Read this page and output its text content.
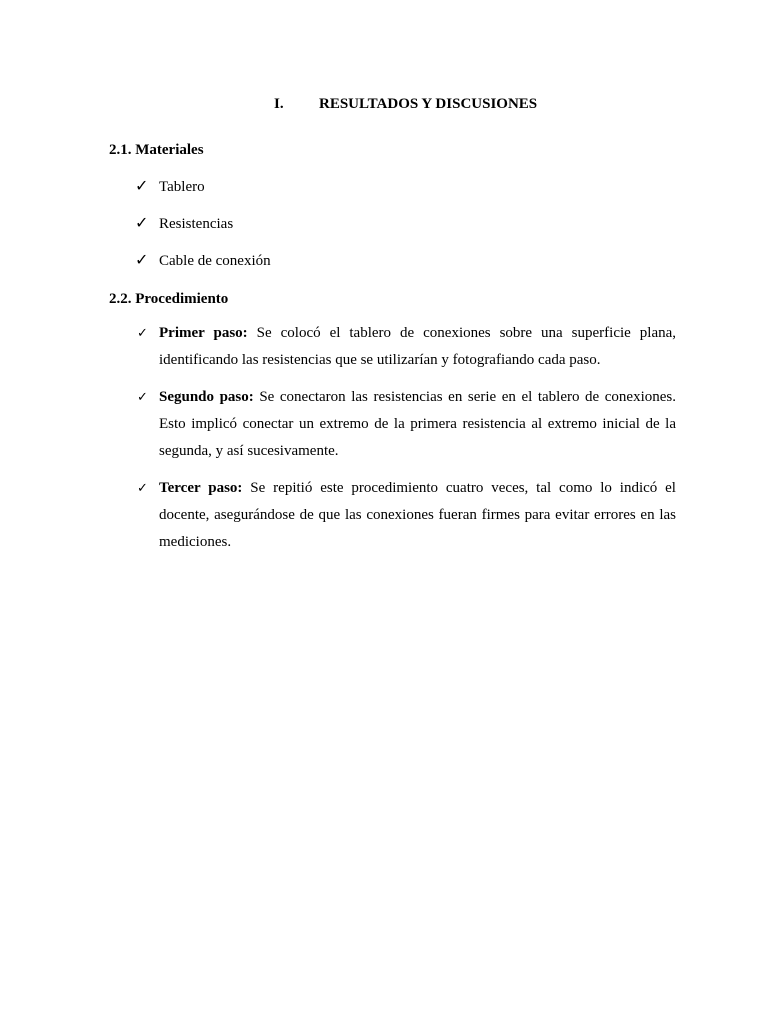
I. RESULTADOS Y DISCUSIONES
2.1. Materiales
✓ Tablero
✓ Resistencias
✓ Cable de conexión
2.2. Procedimiento
✓ Primer paso: Se colocó el tablero de conexiones sobre una superficie plana, identificando las resistencias que se utilizarían y fotografiando cada paso.
✓ Segundo paso: Se conectaron las resistencias en serie en el tablero de conexiones. Esto implicó conectar un extremo de la primera resistencia al extremo inicial de la segunda, y así sucesivamente.
✓ Tercer paso: Se repitió este procedimiento cuatro veces, tal como lo indicó el docente, asegurándose de que las conexiones fueran firmes para evitar errores en las mediciones.
